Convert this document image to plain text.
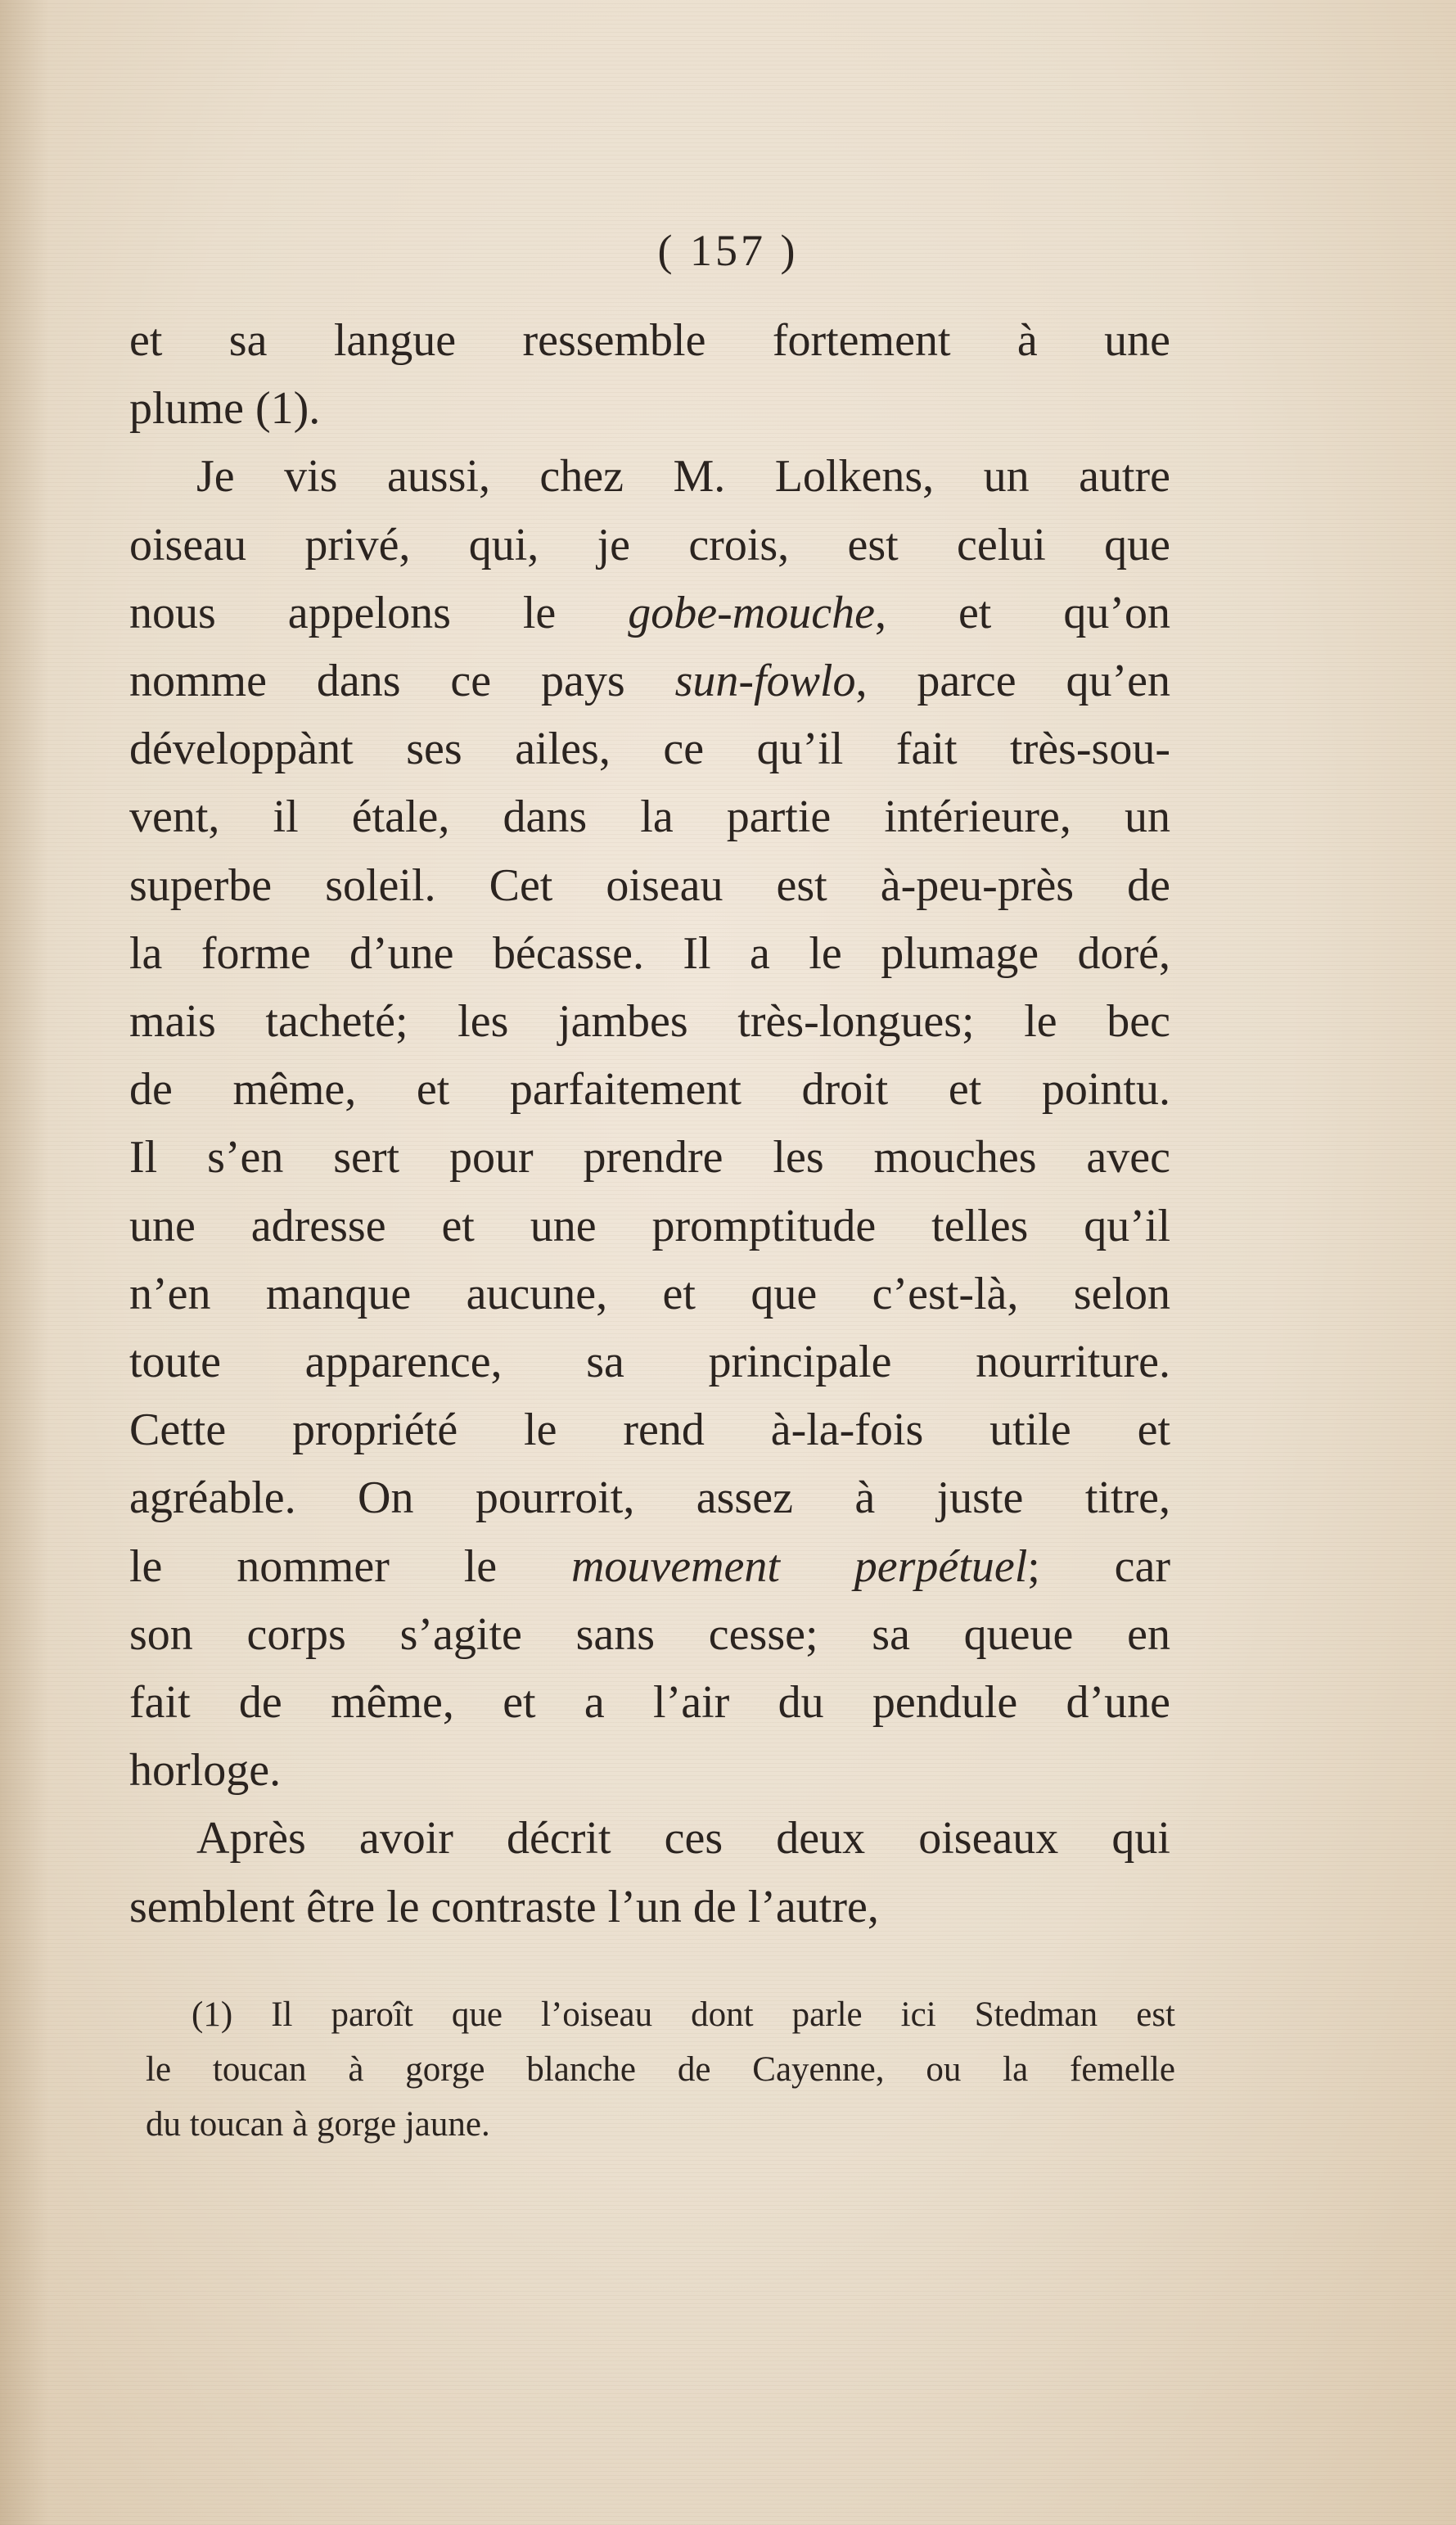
( 157 )
et sa langue ressemble fortement à une
plume (1).
Je vis aussi, chez M. Lolkens, un autre
oiseau privé, qui, je crois, est celui que
nous appelons le gobe-mouche, et qu’on
nomme dans ce pays sun-fowlo, parce qu’en
développànt ses ailes, ce qu’il fait très-sou-
vent, il étale, dans la partie intérieure, un
superbe soleil. Cet oiseau est à-peu-près de
la forme d’une bécasse. Il a le plumage doré,
mais tacheté; les jambes très-longues; le bec
de même, et parfaitement droit et pointu.
Il s’en sert pour prendre les mouches avec
une adresse et une promptitude telles qu’il
n’en manque aucune, et que c’est-là, selon
toute apparence, sa principale nourriture.
Cette propriété le rend à-la-fois utile et
agréable. On pourroit, assez à juste titre,
le nommer le mouvement perpétuel; car
son corps s’agite sans cesse; sa queue en
fait de même, et a l’air du pendule d’une
horloge.
Après avoir décrit ces deux oiseaux qui
semblent être le contraste l’un de l’autre,
(1) Il paroît que l’oiseau dont parle ici Stedman est
le toucan à gorge blanche de Cayenne, ou la femelle
du toucan à gorge jaune.
